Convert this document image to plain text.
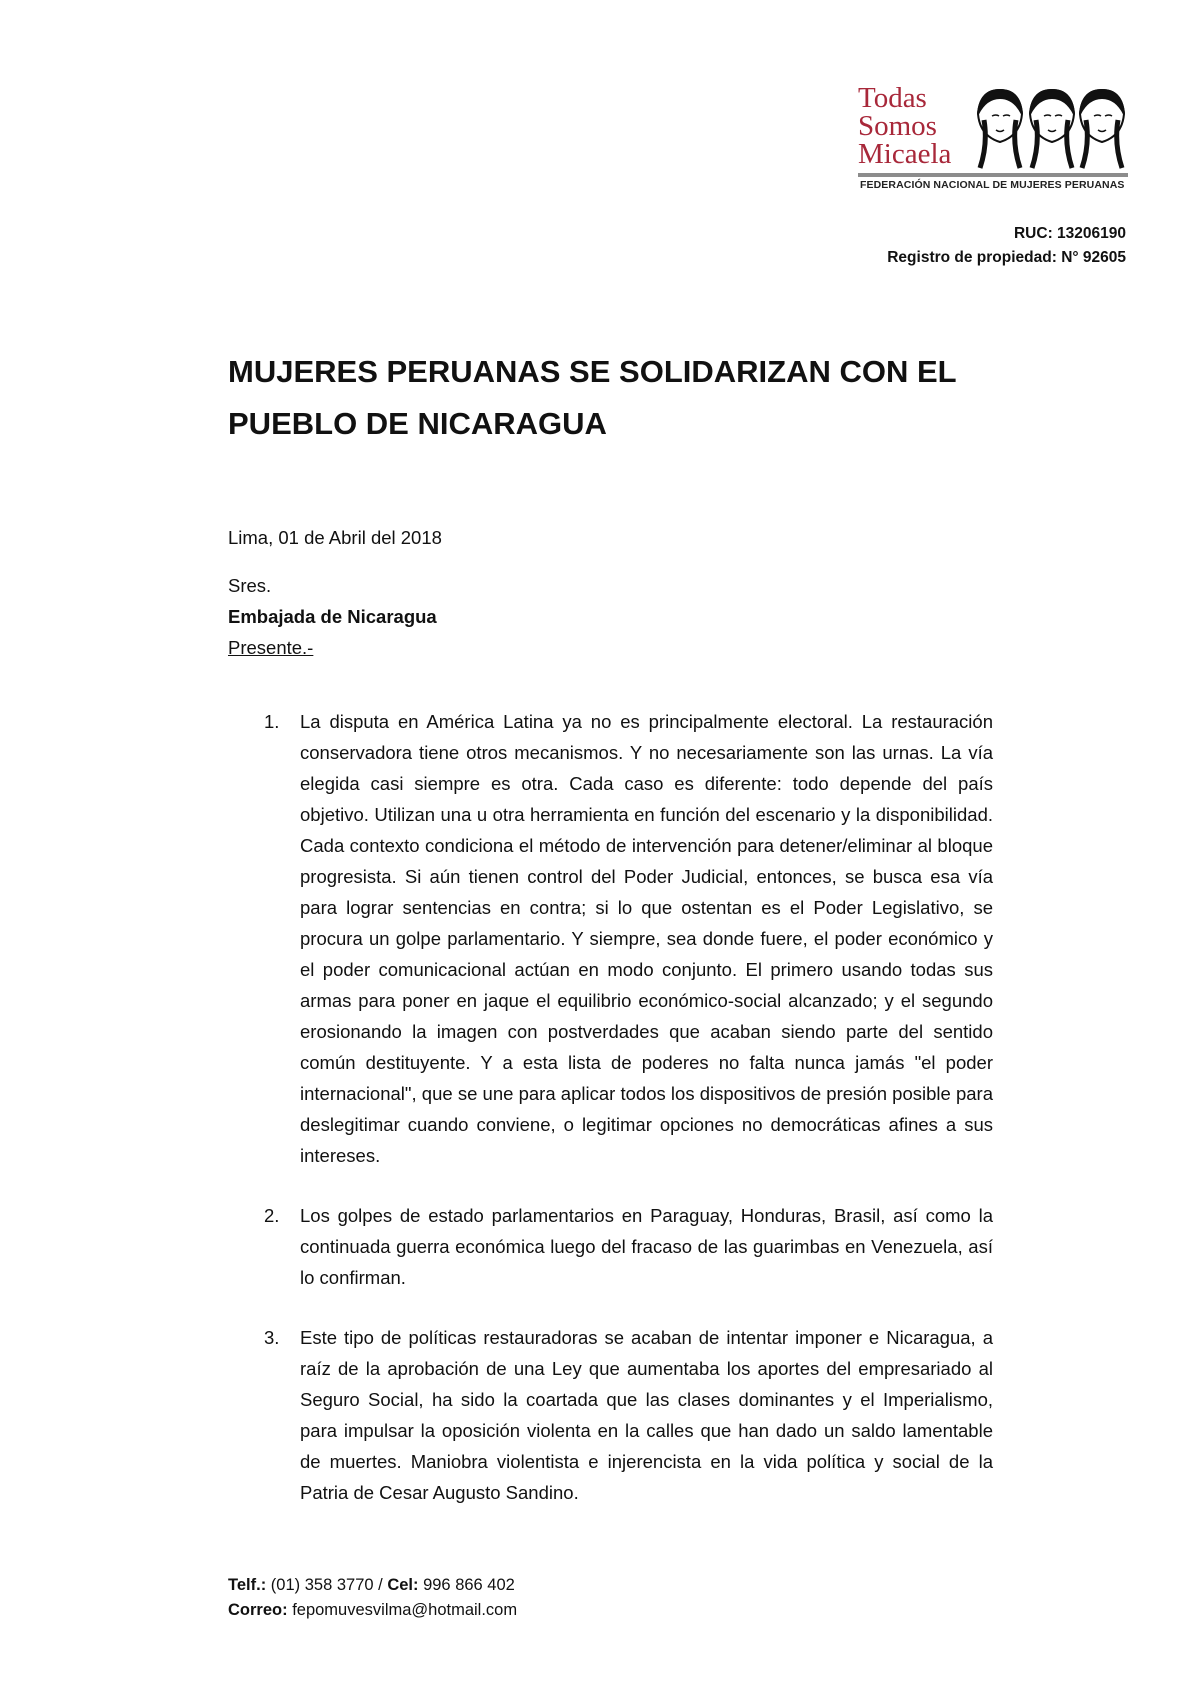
Todas
Somos
Micaela
FEDERACIÓN NACIONAL DE MUJERES PERUANAS
RUC: 13206190
Registro de propiedad: N° 92605
MUJERES PERUANAS SE SOLIDARIZAN CON EL
PUEBLO DE NICARAGUA
Lima, 01 de Abril del 2018
Sres.
Embajada de Nicaragua
Presente.-
1. La disputa en América Latina ya no es principalmente electoral. La restauración conservadora tiene otros mecanismos. Y no necesariamente son las urnas. La vía elegida casi siempre es otra. Cada caso es diferente: todo depende del país objetivo. Utilizan una u otra herramienta en función del escenario y la disponibilidad. Cada contexto condiciona el método de intervención para detener/eliminar al bloque progresista. Si aún tienen control del Poder Judicial, entonces, se busca esa vía para lograr sentencias en contra; si lo que ostentan es el Poder Legislativo, se procura un golpe parlamentario. Y siempre, sea donde fuere, el poder económico y el poder comunicacional actúan en modo conjunto. El primero usando todas sus armas para poner en jaque el equilibrio económico-social alcanzado; y el segundo erosionando la imagen con postverdades que acaban siendo parte del sentido común destituyente. Y a esta lista de poderes no falta nunca jamás "el poder internacional", que se une para aplicar todos los dispositivos de presión posible para deslegitimar cuando conviene, o legitimar opciones no democráticas afines a sus intereses.
2. Los golpes de estado parlamentarios en Paraguay, Honduras, Brasil, así como la continuada guerra económica luego del fracaso de las guarimbas en Venezuela, así lo confirman.
3. Este tipo de políticas restauradoras se acaban de intentar imponer e Nicaragua, a raíz de la aprobación de una Ley que aumentaba los aportes del empresariado al Seguro Social, ha sido la coartada que las clases dominantes y el Imperialismo, para impulsar la oposición violenta en la calles que han dado un saldo lamentable de muertes. Maniobra violentista e injerencista en la vida política y social de la Patria de Cesar Augusto Sandino.
Telf.: (01) 358 3770 / Cel: 996 866 402
Correo: fepomuvesvilma@hotmail.com
